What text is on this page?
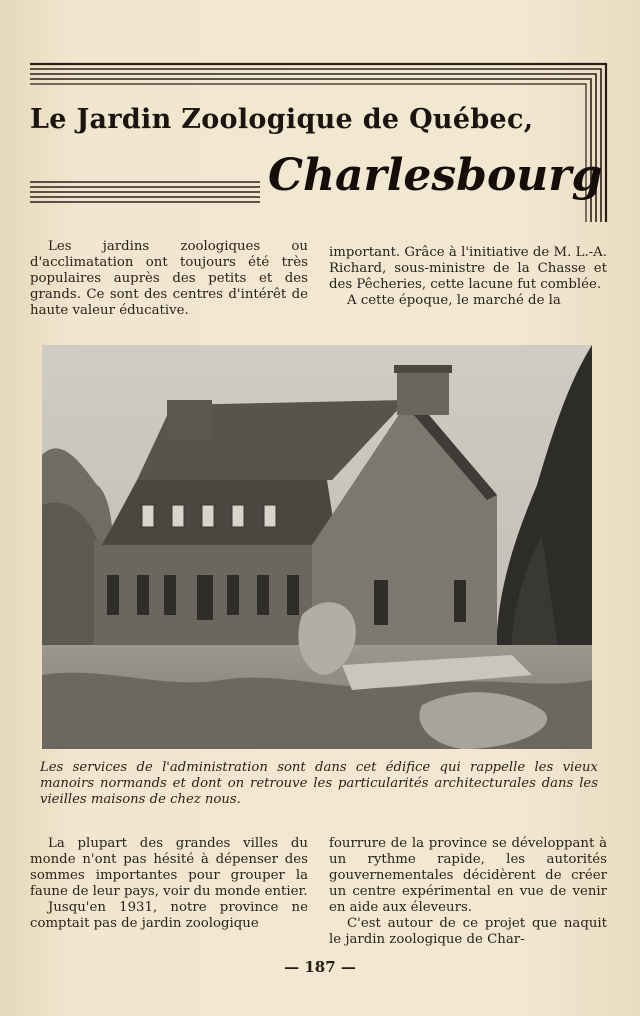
Le Jardin Zoologique de Québec,
Charlesbourg

Les jardins zoologiques ou d'acclimatation ont toujours été très populaires auprès des petits et des grands. Ce sont des centres d'intérêt de haute valeur éducative.

important. Grâce à l'initiative de M. L.-A. Richard, sous-ministre de la Chasse et des Pêcheries, cette lacune fut comblée.

A cette époque, le marché de la

Les services de l'administration sont dans cet édifice qui rappelle les vieux manoirs normands et dont on retrouve les particularités architecturales dans les vieilles maisons de chez nous.

La plupart des grandes villes du monde n'ont pas hésité à dépenser des sommes importantes pour grouper la faune de leur pays, voir du monde entier.

Jusqu'en 1931, notre province ne comptait pas de jardin zoologique

fourrure de la province se développant à un rythme rapide, les autorités gouvernementales décidèrent de créer un centre expérimental en vue de venir en aide aux éleveurs.

C'est autour de ce projet que naquit le jardin zoologique de Char-

— 187 —
